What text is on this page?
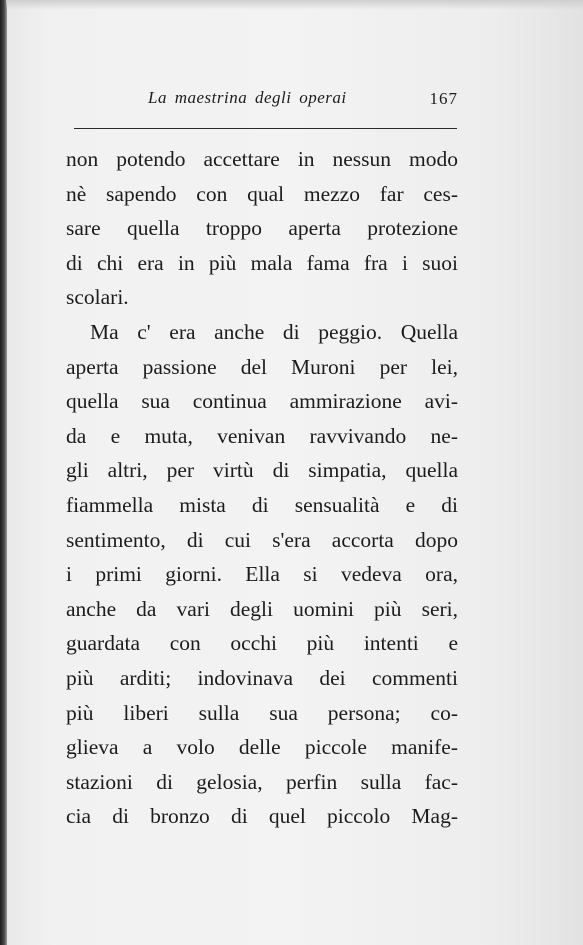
La maestrina degli operai	167
non potendo accettare in nessun modo
nè sapendo con qual mezzo far ces-
sare quella troppo aperta protezione
di chi era in più mala fama fra i suoi
scolari.
Ma c' era anche di peggio. Quella
aperta passione del Muroni per lei,
quella sua continua ammirazione avi-
da e muta, venivan ravvivando ne-
gli altri, per virtù di simpatia, quella
fiammella mista di sensualità e di
sentimento, di cui s'era accorta dopo
i primi giorni. Ella si vedeva ora,
anche da vari degli uomini più seri,
guardata con occhi più intenti e
più arditi; indovinava dei commenti
più liberi sulla sua persona; co-
glieva a volo delle piccole manife-
stazioni di gelosia, perfin sulla fac-
cia di bronzo di quel piccolo Mag-
